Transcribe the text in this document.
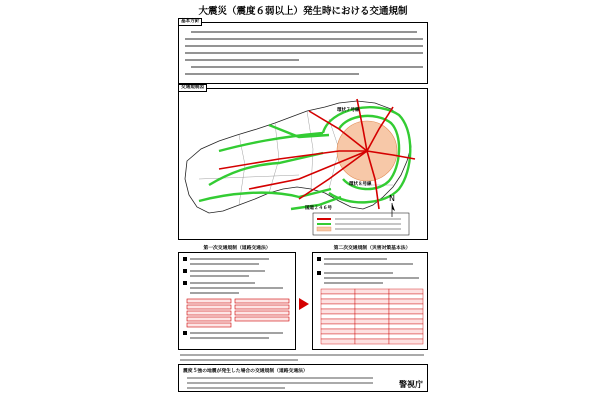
大震災（震度６弱以上）発生時における交通規制
基本方針
交通規制図
環状７号線
環状８号線
国道２４６号
N
第一次交通規制（道路交通法）	第二次交通規制（災害対策基本法）
震度５強の地震が発生した場合の交通規制（道路交通法）
警視庁
